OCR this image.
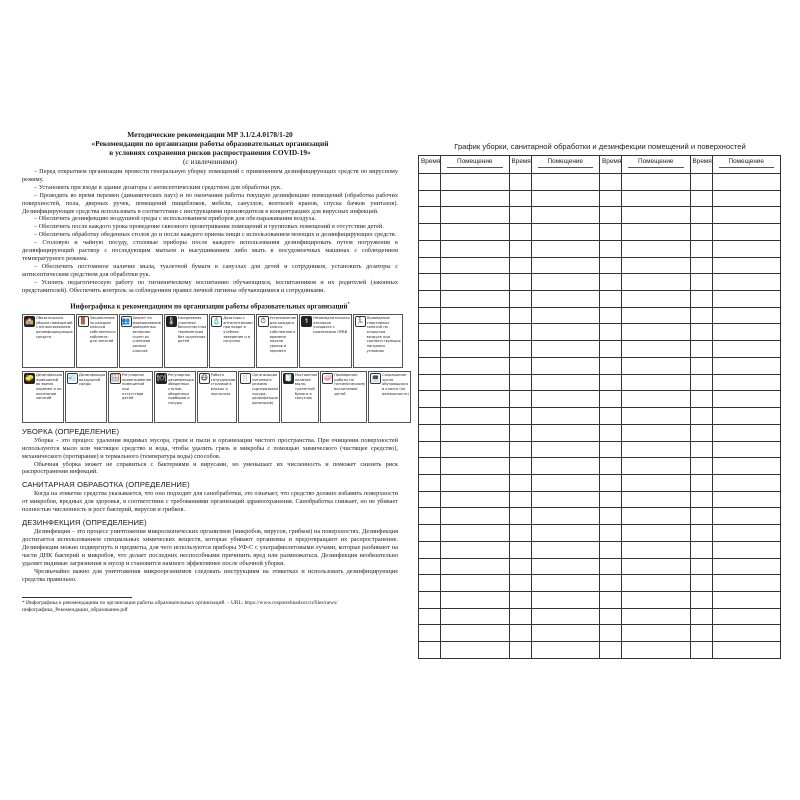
Методические рекомендации МР 3.1/2.4.0178/1-20
«Рекомендации по организации работы образовательных организаций
в условиях сохранения рисков распространения COVID-19»
(с извлечениями)
– Перед открытием организации провести генеральную уборку помещений с применением дезинфицирующих средств по вирусному режиму.
– Установить при входе в здание дозаторы с антисептическим средством для обработки рук.
– Проводить во время перемен (динамических пауз) и по окончании работы текущую дезинфекцию помещений (обработка рабочих поверхностей, пола, дверных ручек, помещений пищеблоков, мебели, санузлов, вентилей кранов, спуска бачков унитазов). Дезинфицирующие средства использовать в соответствии с инструкциями производителя в концентрациях для вирусных инфекций.
– Обеспечить дезинфекцию воздушной среды с использованием приборов для обеззараживания воздуха.
– Обеспечить после каждого урока проведение сквозного проветривания помещений и групповых помещений в отсутствие детей.
– Обеспечить обработку обеденных столов до и после каждого приема пищи с использованием моющих и дезинфицирующих средств.
– Столовую и чайную посуду, столовые приборы после каждого использования дезинфицировать путем погружения в дезинфицирующий раствор с последующим мытьем и высушиванием либо мыть в посудомоечных машинах с соблюдением температурного режима.
– Обеспечить постоянное наличие мыла, туалетной бумаги в санузлах для детей и сотрудников, установить дозаторы с антисептическим средством для обработки рук.
– Усилить педагогическую работу по гигиеническому воспитанию обучающихся, воспитанников и их родителей (законных представителей). Обеспечить контроль за соблюдением правил личной гигиены обучающимися и сотрудниками.
Инфографика к рекомендациям по организации работы образовательных организаций*
🏫 Обязательная уборка помещений с использованием дезинфицирующих средств
🚪 Закрепление за каждым классом собственного кабинета для занятий
👥 Запрет на формирование доверенных вечерних групп из учеников разных классов
🌡 Ежедневная утренняя бесконтактная термометрия без скопления детей
🧴 Дозаторы с антисептиками при входе в учебное заведение и в санузлах
⏱	Установление для каждого класса собственного времени начала уроков и перемен
⚕	Незамедлительная изоляция учащихся с признаками ОРВИ
🏃 Проведение спортивных занятий на открытом воздухе при соответствующих погодных условиях
🧽 Дезинфекция помещений во время перемен и по окончании занятий
💨 Дезинфекция воздушной среды
🪟 Регулярное проветривание помещений при отсутствии детей
🍽 Регулярная дезинфекция обеденных столов, обеденных приборов и посуды
😷 Работа сотрудников столовой в масках и перчатках
🍴 Организация питьевого режима (одноразовая посуда, дезинфекция дозаторов)
🧻 Постоянное наличие мыла, туалетной бумаги в санузлах
🧼 Проведение работы по гигиеническому воспитанию детей
💻 Сокращение числа обучающихся в классе (по возможности)
УБОРКА (ОПРЕДЕЛЕНИЕ)
Уборка – это процесс удаления видимых мусора, грязи и пыли и организации чистого пространства. При очищении поверхностей используются мыло или чистящее средство и вода, чтобы удалить грязь и микробы с помощью химического (чистящее средство), механического (протирание) и термального (температура воды) способов.
Обычная уборка может не справиться с бактериями и вирусами, но уменьшает их численность и поможет снизить риск распространения инфекций.
САНИТАРНАЯ ОБРАБОТКА (ОПРЕДЕЛЕНИЕ)
Когда на этикетке средства указывается, что оно подходит для санобработки, это означает, что средство должно избавить поверхности от микробов, вредных для здоровья, в соответствии с требованиями организаций здравоохранения. Санобработка снижает, но не убивает полностью численность и рост бактерий, вирусов и грибков.
ДЕЗИНФЕКЦИЯ (ОПРЕДЕЛЕНИЕ)
Дезинфекция – это процесс уничтожения микроскопических организмов (микробов, вирусов, грибков) на поверхностях. Дезинфекция достигается использованием специальных химических веществ, которые убивают организмы и предотвращают их распространение. Дезинфекции можно подвергнуть и предметы, для чего используются приборы УФ-С с ультрафиолетовыми лучами, которые разбивают на части ДНК бактерий и микробов, что делает последних неспособными причинить вред или размножаться. Дезинфекция необязательно удаляет видимые загрязнения и мусор и становится намного эффективнее после обычной уборки.
Чрезвычайно важно для уничтожения микроорганизмов следовать инструкциям на этикетках и использовать дезинфицирующие средства правильно.
* Инфографика к рекомендациям по организации работы образовательных организаций. – URL: https://www.rospotrebnadzor.ru/files/news/инфографика_Рекомендации_образование.pdf
График уборки, санитарной обработки и дезинфекции помещений и поверхностей
Время	Помещение	Время	Помещение	Время	Помещение	Время	Помещение
